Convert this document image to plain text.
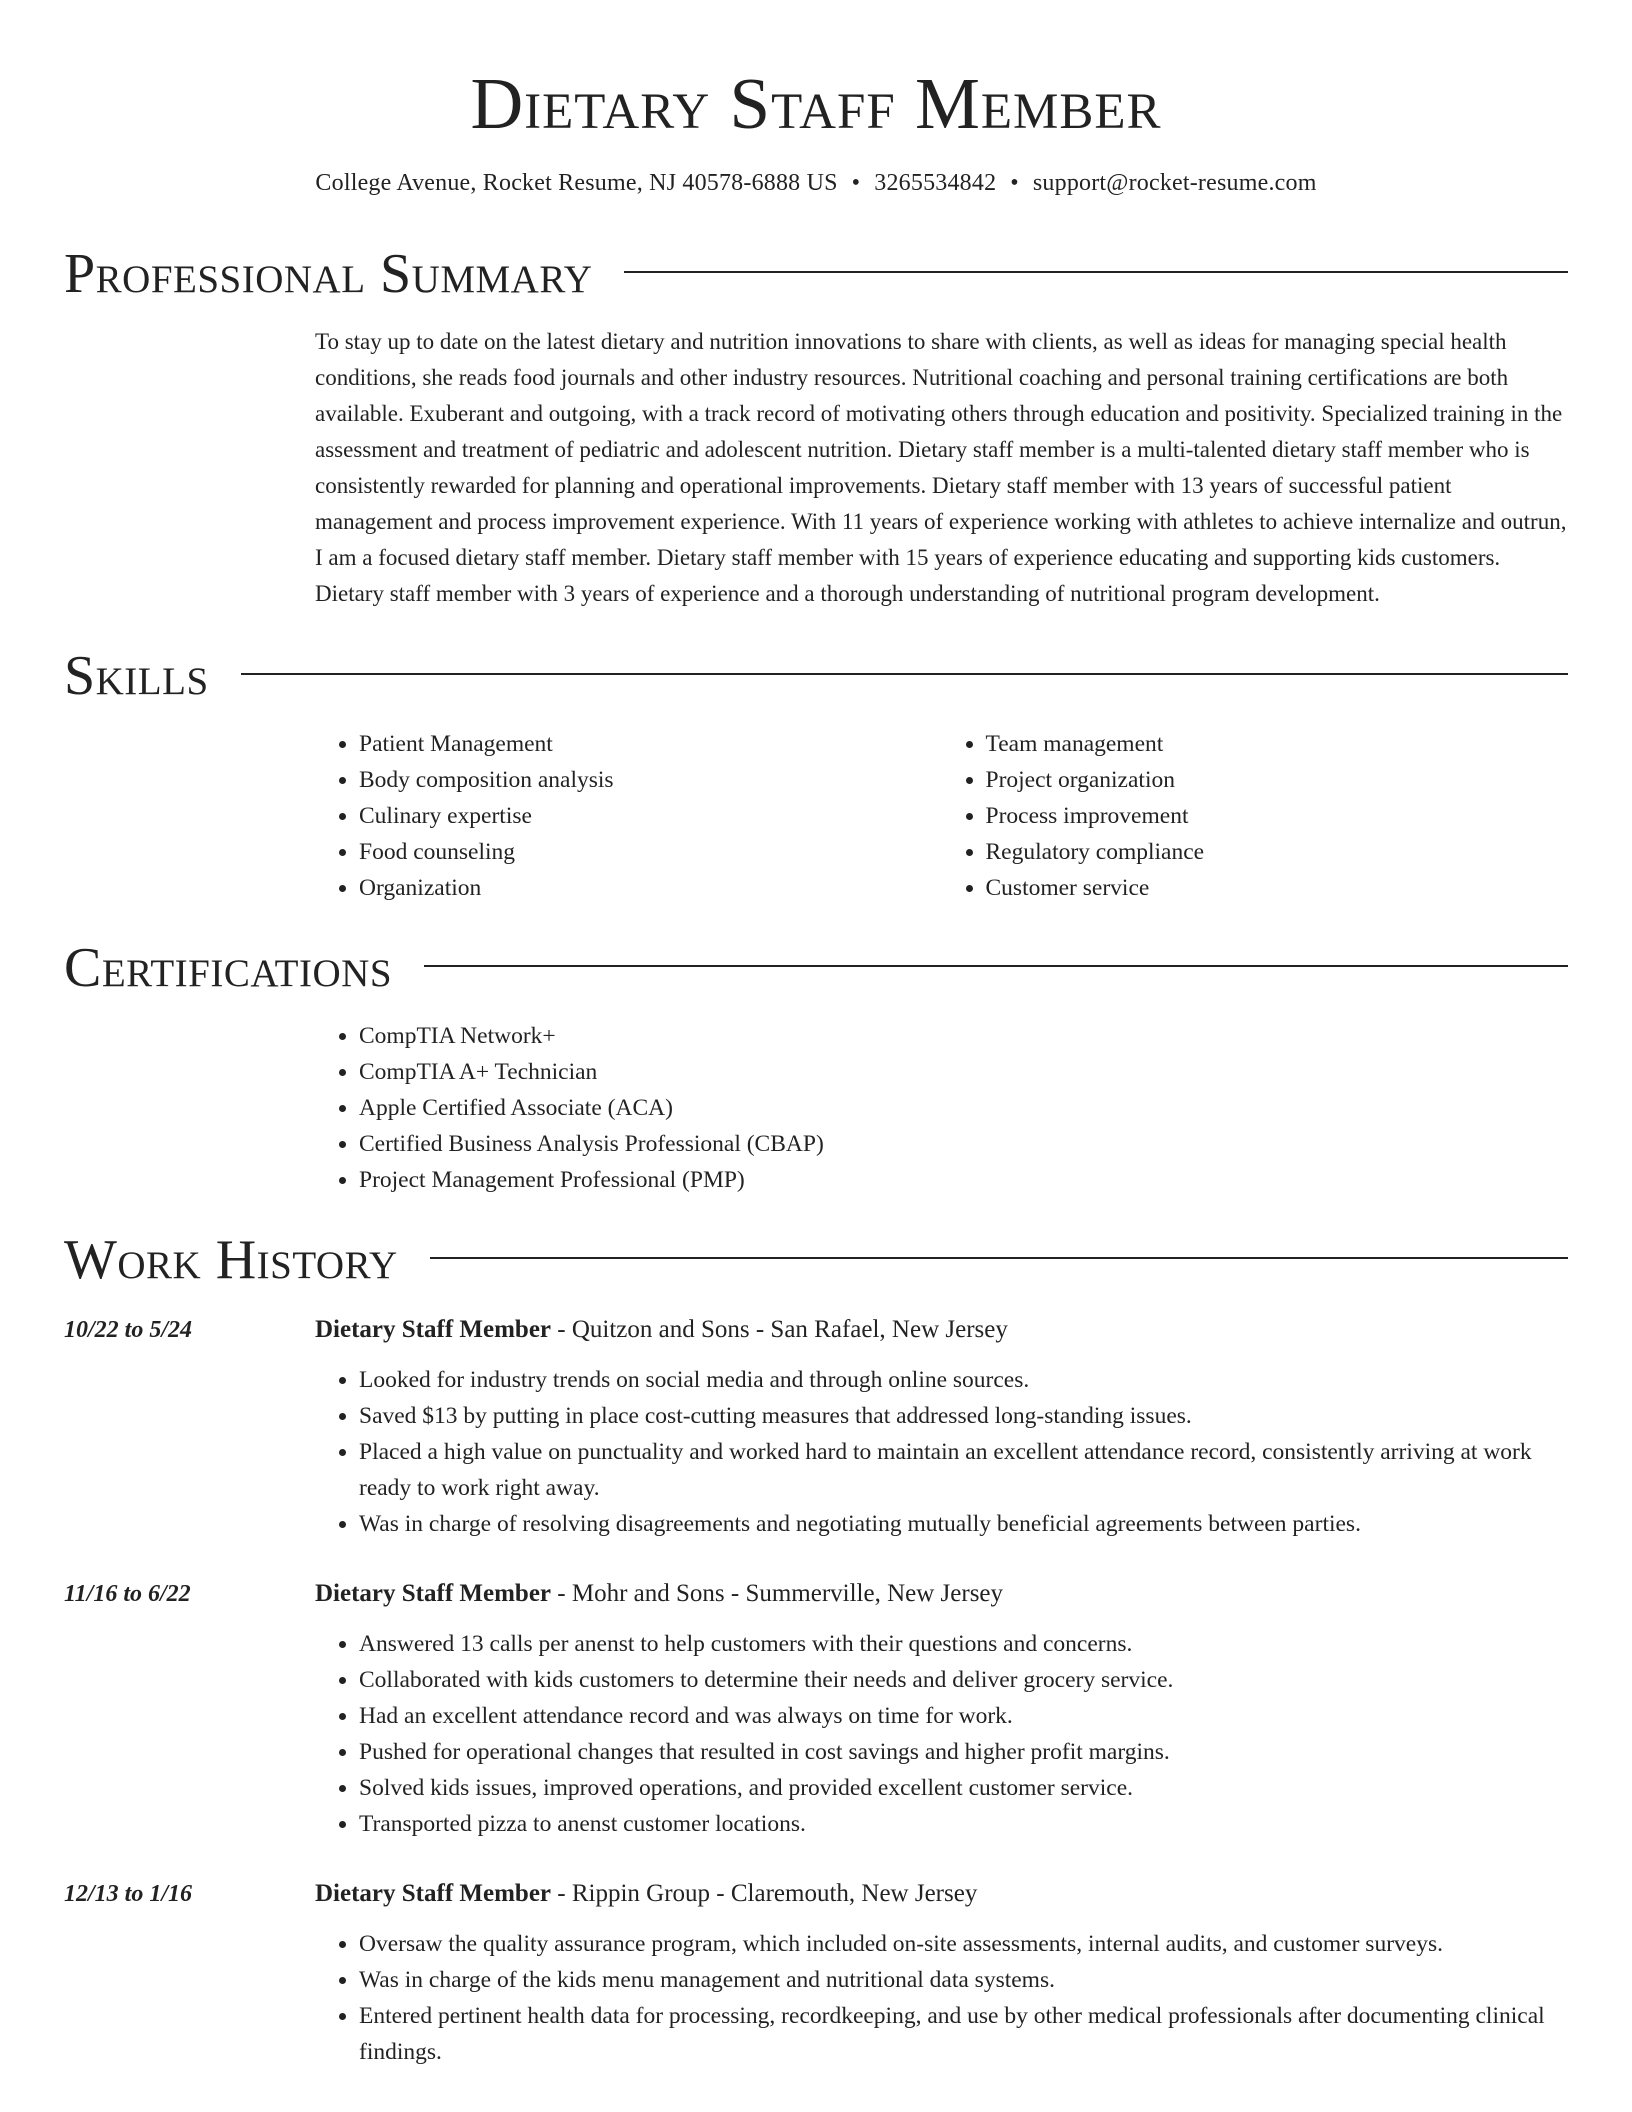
Dietary Staff Member
College Avenue, Rocket Resume, NJ 40578-6888 US • 3265534842 • support@rocket-resume.com
Professional Summary
To stay up to date on the latest dietary and nutrition innovations to share with clients, as well as ideas for managing special health conditions, she reads food journals and other industry resources. Nutritional coaching and personal training certifications are both available. Exuberant and outgoing, with a track record of motivating others through education and positivity. Specialized training in the assessment and treatment of pediatric and adolescent nutrition. Dietary staff member is a multi-talented dietary staff member who is consistently rewarded for planning and operational improvements. Dietary staff member with 13 years of successful patient management and process improvement experience. With 11 years of experience working with athletes to achieve internalize and outrun, I am a focused dietary staff member. Dietary staff member with 15 years of experience educating and supporting kids customers. Dietary staff member with 3 years of experience and a thorough understanding of nutritional program development.
Skills
• Patient Management
• Body composition analysis
• Culinary expertise
• Food counseling
• Organization
• Team management
• Project organization
• Process improvement
• Regulatory compliance
• Customer service
Certifications
• CompTIA Network+
• CompTIA A+ Technician
• Apple Certified Associate (ACA)
• Certified Business Analysis Professional (CBAP)
• Project Management Professional (PMP)
Work History
10/22 to 5/24	Dietary Staff Member - Quitzon and Sons - San Rafael, New Jersey
• Looked for industry trends on social media and through online sources.
• Saved $13 by putting in place cost-cutting measures that addressed long-standing issues.
• Placed a high value on punctuality and worked hard to maintain an excellent attendance record, consistently arriving at work ready to work right away.
• Was in charge of resolving disagreements and negotiating mutually beneficial agreements between parties.
11/16 to 6/22	Dietary Staff Member - Mohr and Sons - Summerville, New Jersey
• Answered 13 calls per anenst to help customers with their questions and concerns.
• Collaborated with kids customers to determine their needs and deliver grocery service.
• Had an excellent attendance record and was always on time for work.
• Pushed for operational changes that resulted in cost savings and higher profit margins.
• Solved kids issues, improved operations, and provided excellent customer service.
• Transported pizza to anenst customer locations.
12/13 to 1/16	Dietary Staff Member - Rippin Group - Claremouth, New Jersey
• Oversaw the quality assurance program, which included on-site assessments, internal audits, and customer surveys.
• Was in charge of the kids menu management and nutritional data systems.
• Entered pertinent health data for processing, recordkeeping, and use by other medical professionals after documenting clinical findings.
